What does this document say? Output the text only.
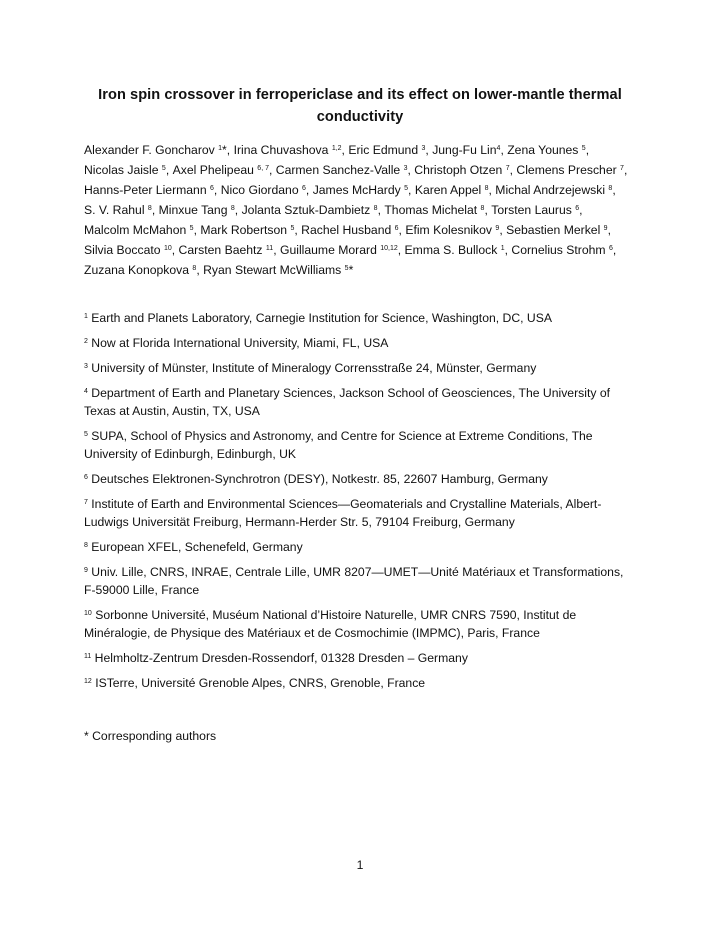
Iron spin crossover in ferropericlase and its effect on lower-mantle thermal conductivity

Alexander F. Goncharov $^1$*, Irina Chuvashova $^{1,2}$, Eric Edmund $^3$, Jung-Fu Lin$^4$, Zena Younes $^5$, Nicolas Jaisle $^5$, Axel Phelipeau $^{6, 7}$, Carmen Sanchez-Valle $^3$, Christoph Otzen $^7$, Clemens Prescher $^7$, Hanns-Peter Liermann $^6$, Nico Giordano $^6$, James McHardy $^5$, Karen Appel $^8$, Michal Andrzejewski $^8$, S. V. Rahul $^8$, Minxue Tang $^8$, Jolanta Sztuk-Dambietz $^8$, Thomas Michelat $^8$, Torsten Laurus $^6$, Malcolm McMahon $^5$, Mark Robertson $^5$, Rachel Husband $^6$, Efim Kolesnikov $^9$, Sebastien Merkel $^9$, Silvia Boccato $^{10}$, Carsten Baehtz $^{11}$, Guillaume Morard $^{10,12}$, Emma S. Bullock $^1$, Cornelius Strohm $^6$, Zuzana Konopkova $^8$, Ryan Stewart McWilliams $^5$*

$^1$ Earth and Planets Laboratory, Carnegie Institution for Science, Washington, DC, USA

$^2$ Now at Florida International University, Miami, FL, USA

$^3$ University of Münster, Institute of Mineralogy Corrensstraße 24, Münster, Germany

$^4$ Department of Earth and Planetary Sciences, Jackson School of Geosciences, The University of Texas at Austin, Austin, TX, USA

$^5$ SUPA, School of Physics and Astronomy, and Centre for Science at Extreme Conditions, The University of Edinburgh, Edinburgh, UK

$^6$ Deutsches Elektronen-Synchrotron (DESY), Notkestr. 85, 22607 Hamburg, Germany

$^7$ Institute of Earth and Environmental Sciences—Geomaterials and Crystalline Materials, Albert-Ludwigs Universität Freiburg, Hermann-Herder Str. 5, 79104 Freiburg, Germany

$^8$ European XFEL, Schenefeld, Germany

$^9$ Univ. Lille, CNRS, INRAE, Centrale Lille, UMR 8207—UMET—Unité Matériaux et Transformations, F-59000 Lille, France

$^{10}$ Sorbonne Université, Muséum National d’Histoire Naturelle, UMR CNRS 7590, Institut de Minéralogie, de Physique des Matériaux et de Cosmochimie (IMPMC), Paris, France

$^{11}$ Helmholtz-Zentrum Dresden-Rossendorf, 01328 Dresden – Germany

$^{12}$ ISTerre, Université Grenoble Alpes, CNRS, Grenoble, France

* Corresponding authors
1
